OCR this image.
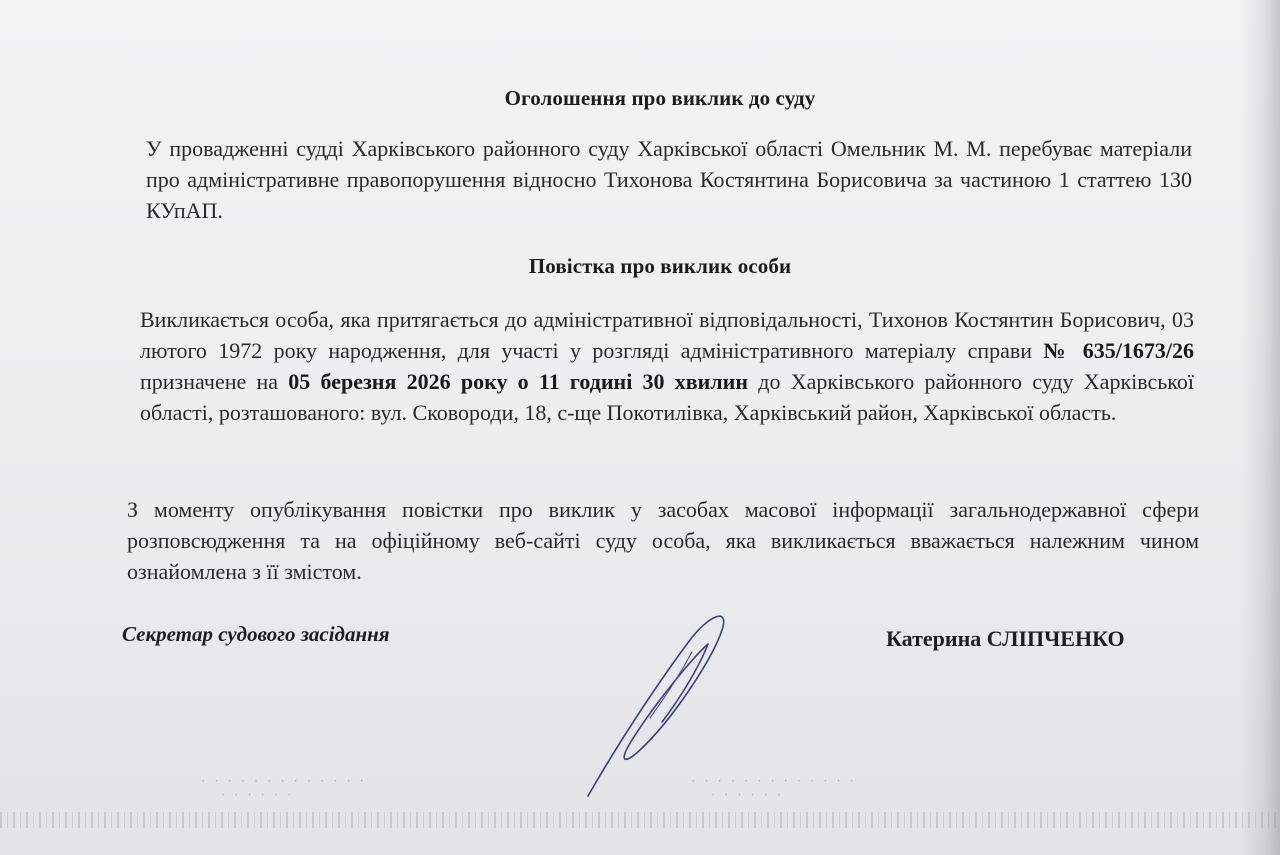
Оголошення про виклик до суду
У провадженні судді Харківського районного суду Харківської області Омельник М. М. перебуває матеріали про адміністративне правопорушення відносно Тихонова Костянтина Борисовича за частиною 1 статтею 130 КУпАП.
Повістка про виклик особи
Викликається особа, яка притягається до адміністративної відповідальності, Тихонов Костянтин Борисович, 03 лютого 1972 року народження, для участі у розгляді адміністративного матеріалу справи № 635/1673/26 призначене на 05 березня 2026 року о 11 годині 30 хвилин до Харківського районного суду Харківської області, розташованого: вул. Сковороди, 18, с-ще Покотилівка, Харківський район, Харківської область.
З моменту опублікування повістки про виклик у засобах масової інформації загальнодержавної сфери розповсюдження та на офіційному веб-сайті суду особа, яка викликається вважається належним чином ознайомлена з її змістом.
Секретар судового засідання	Катерина СЛІПЧЕНКО
· · · · · · · · · · · · ·
· · · · · ·
· · · · · · · · · · · · ·
· · · · · ·
